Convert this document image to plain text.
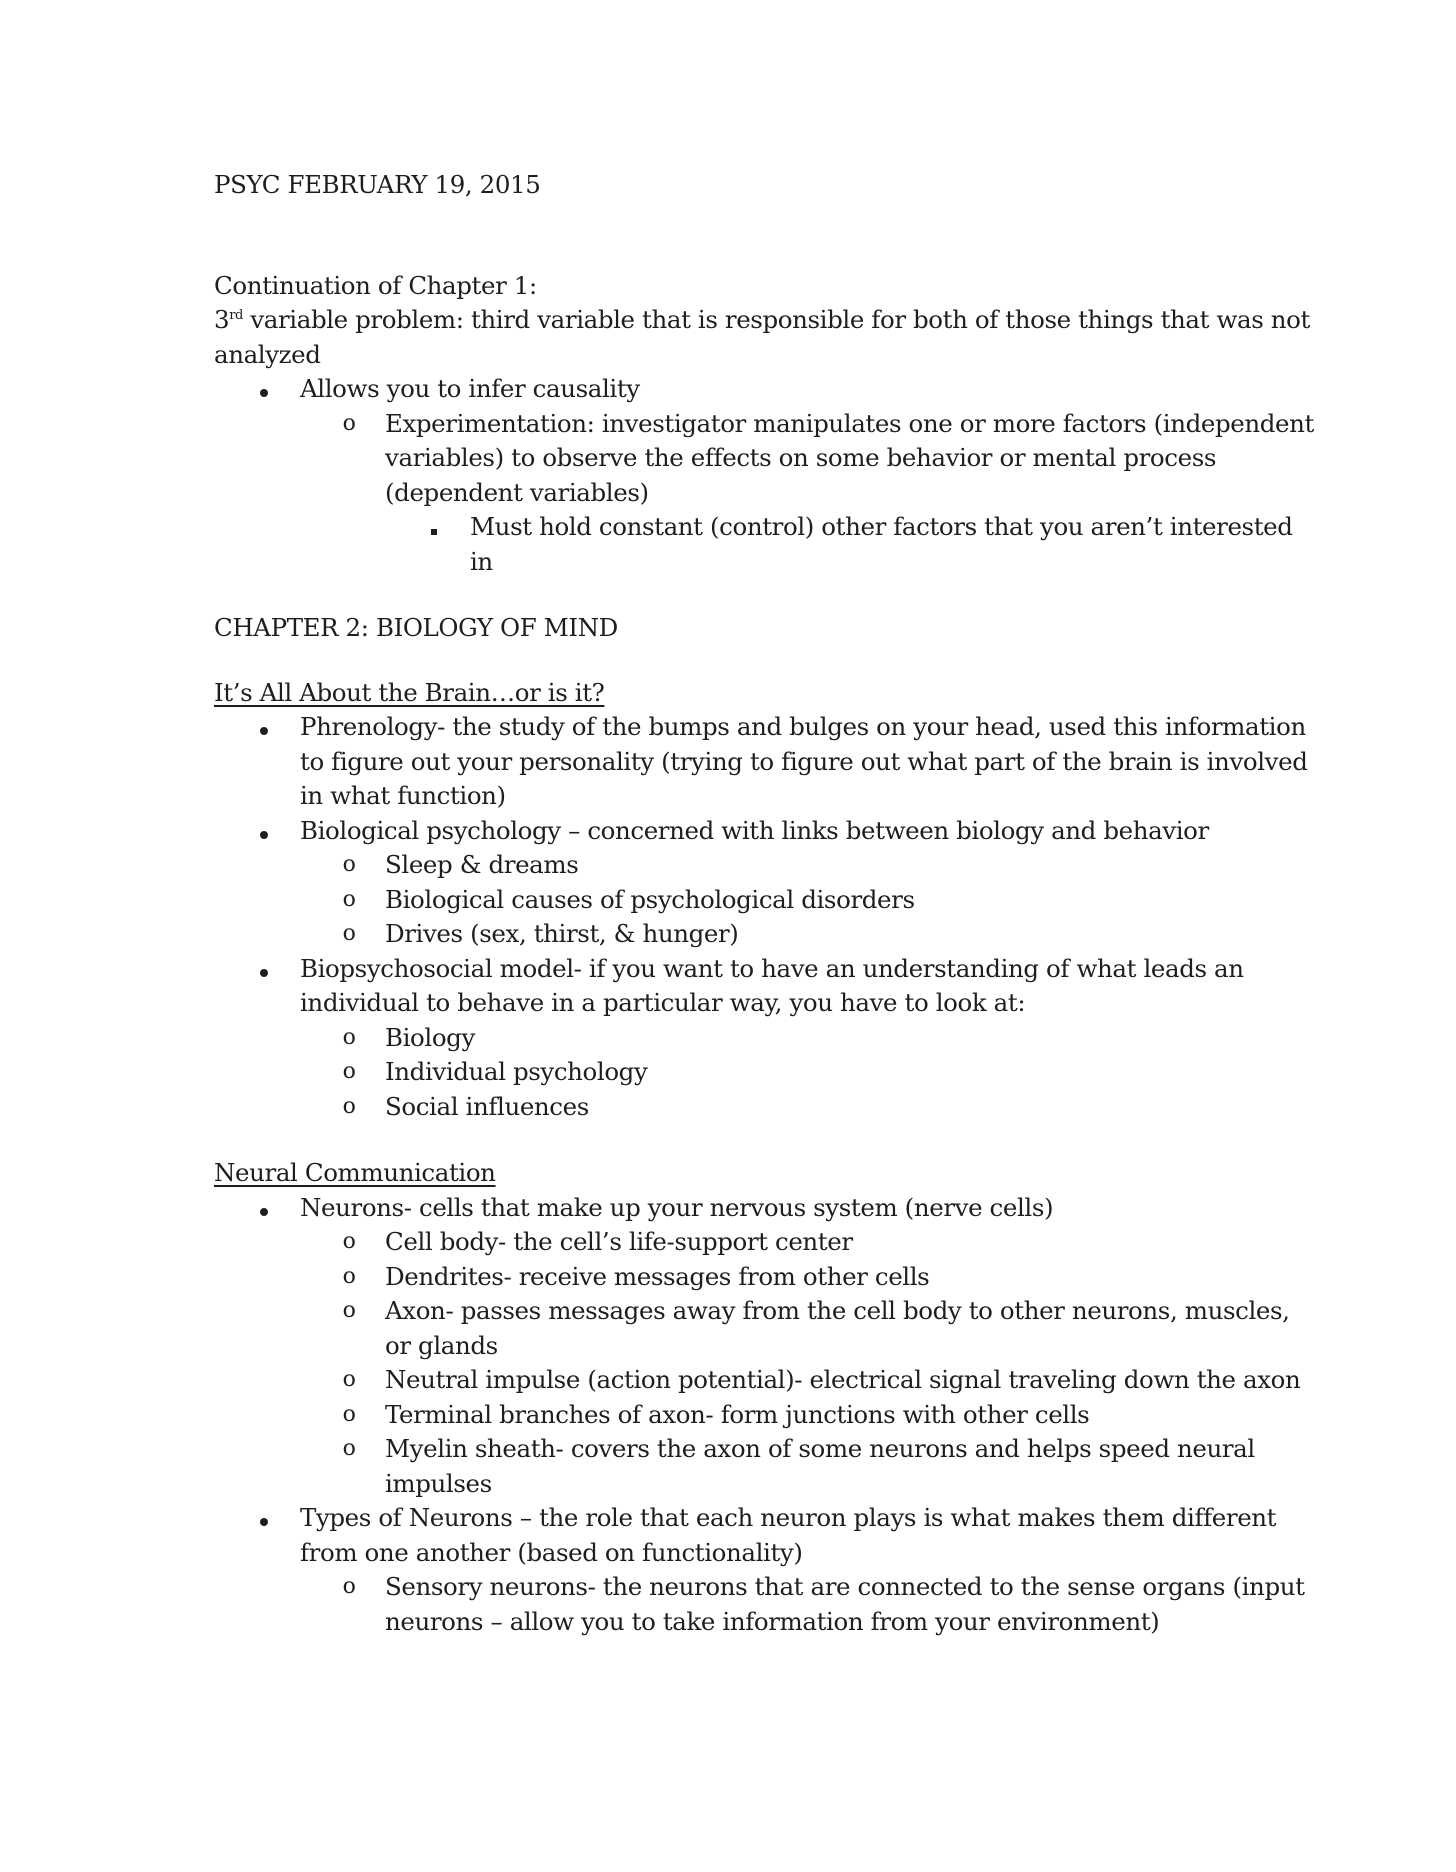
PSYC FEBRUARY 19, 2015

Continuation of Chapter 1:

3rd variable problem: third variable that is responsible for both of those things that was not analyzed

Allows you to infer causality
o Experimentation: investigator manipulates one or more factors (independent variables) to observe the effects on some behavior or mental process (dependent variables)
Must hold constant (control) other factors that you aren’t interested in

CHAPTER 2: BIOLOGY OF MIND

It’s All About the Brain…or is it?

Phrenology- the study of the bumps and bulges on your head, used this information to figure out your personality (trying to figure out what part of the brain is involved in what function)
Biological psychology – concerned with links between biology and behavior
o Sleep & dreams
o Biological causes of psychological disorders
o Drives (sex, thirst, & hunger)
Biopsychosocial model- if you want to have an understanding of what leads an individual to behave in a particular way, you have to look at:
o Biology
o Individual psychology
o Social influences

Neural Communication

Neurons- cells that make up your nervous system (nerve cells)
o Cell body- the cell’s life-support center
o Dendrites- receive messages from other cells
o Axon- passes messages away from the cell body to other neurons, muscles, or glands
o Neutral impulse (action potential)- electrical signal traveling down the axon
o Terminal branches of axon- form junctions with other cells
o Myelin sheath- covers the axon of some neurons and helps speed neural impulses
Types of Neurons – the role that each neuron plays is what makes them different from one another (based on functionality)
o Sensory neurons- the neurons that are connected to the sense organs (input neurons – allow you to take information from your environment)
